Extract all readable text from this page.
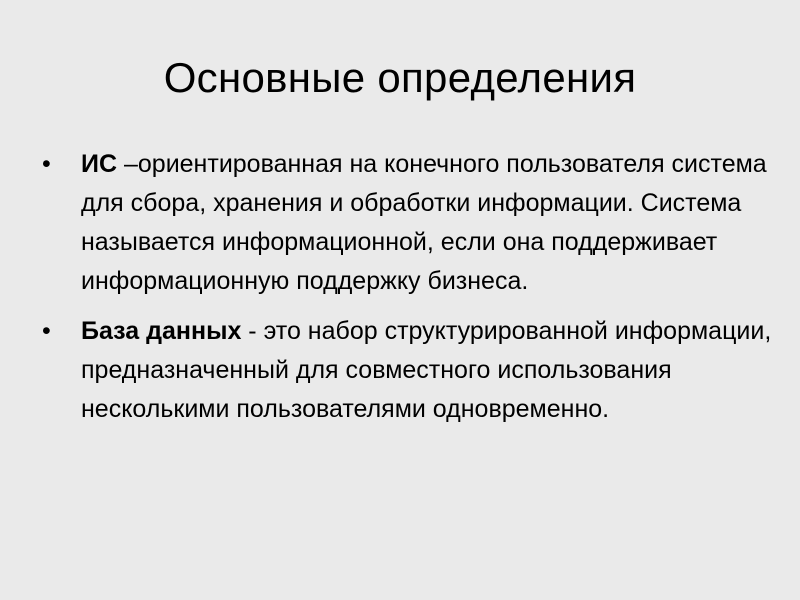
Основные определения
• ИС –ориентированная на конечного пользователя система для сбора, хранения и обработки информации. Система называется информационной, если она поддерживает информационную поддержку бизнеса.
• База данных - это набор структурированной информации, предназначенный для совместного использования несколькими пользователями одновременно.
